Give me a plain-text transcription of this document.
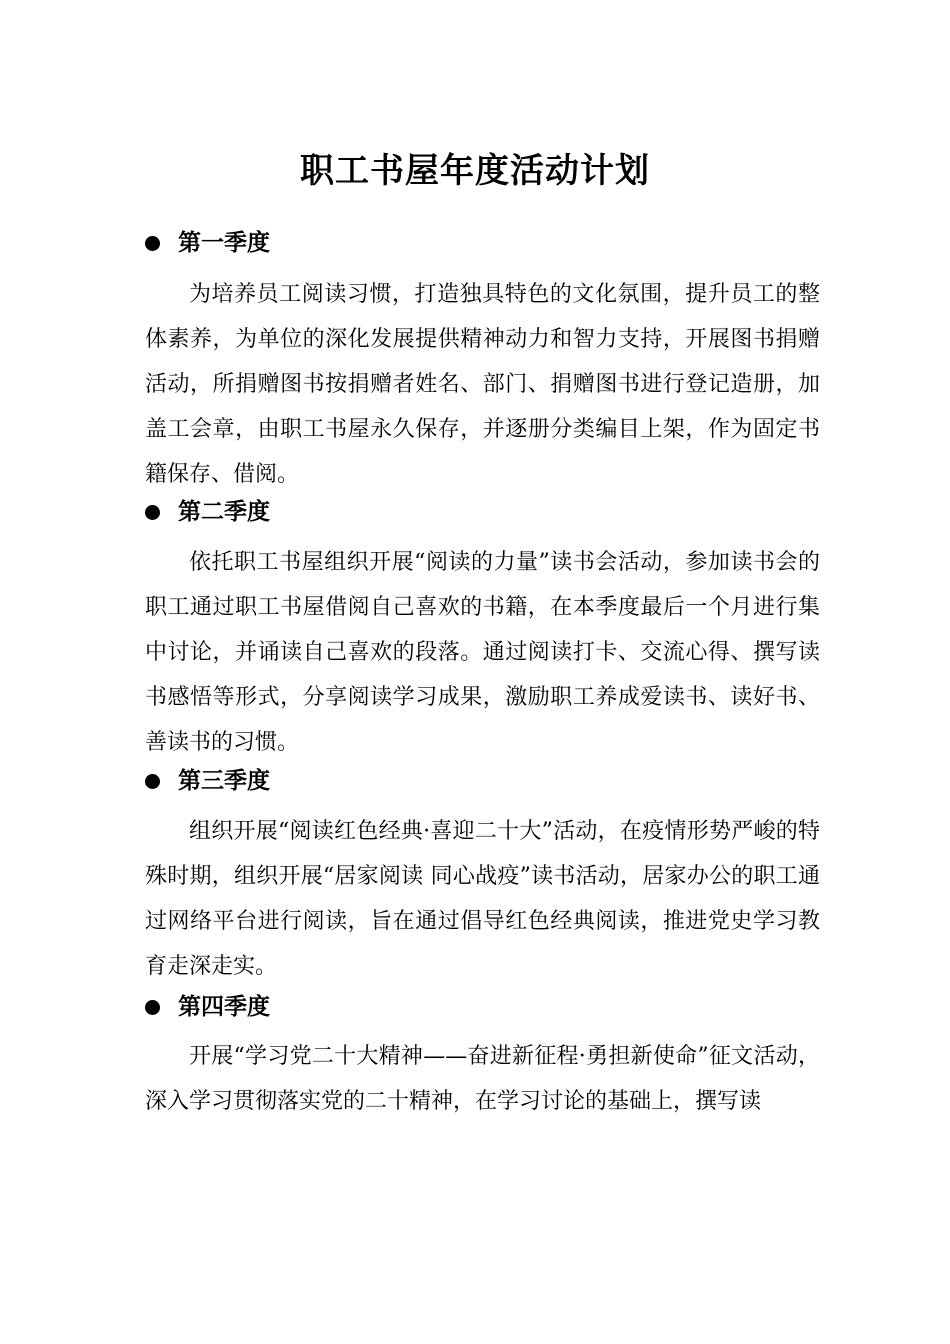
职工书屋年度活动计划
第一季度
为培养员工阅读习惯，打造独具特色的文化氛围，提升员工的整体素养，为单位的深化发展提供精神动力和智力支持，开展图书捐赠活动，所捐赠图书按捐赠者姓名、部门、捐赠图书进行登记造册，加盖工会章，由职工书屋永久保存，并逐册分类编目上架，作为固定书籍保存、借阅。
第二季度
依托职工书屋组织开展“阅读的力量”读书会活动，参加读书会的职工通过职工书屋借阅自己喜欢的书籍，在本季度最后一个月进行集中讨论，并诵读自己喜欢的段落。通过阅读打卡、交流心得、撰写读书感悟等形式，分享阅读学习成果，激励职工养成爱读书、读好书、善读书的习惯。
第三季度
组织开展“阅读红色经典·喜迎二十大”活动，在疫情形势严峻的特殊时期，组织开展“居家阅读 同心战疫”读书活动，居家办公的职工通过网络平台进行阅读，旨在通过倡导红色经典阅读，推进党史学习教育走深走实。
第四季度
开展“学习党二十大精神——奋进新征程·勇担新使命”征文活动，深入学习贯彻落实党的二十精神，在学习讨论的基础上，撰写读
